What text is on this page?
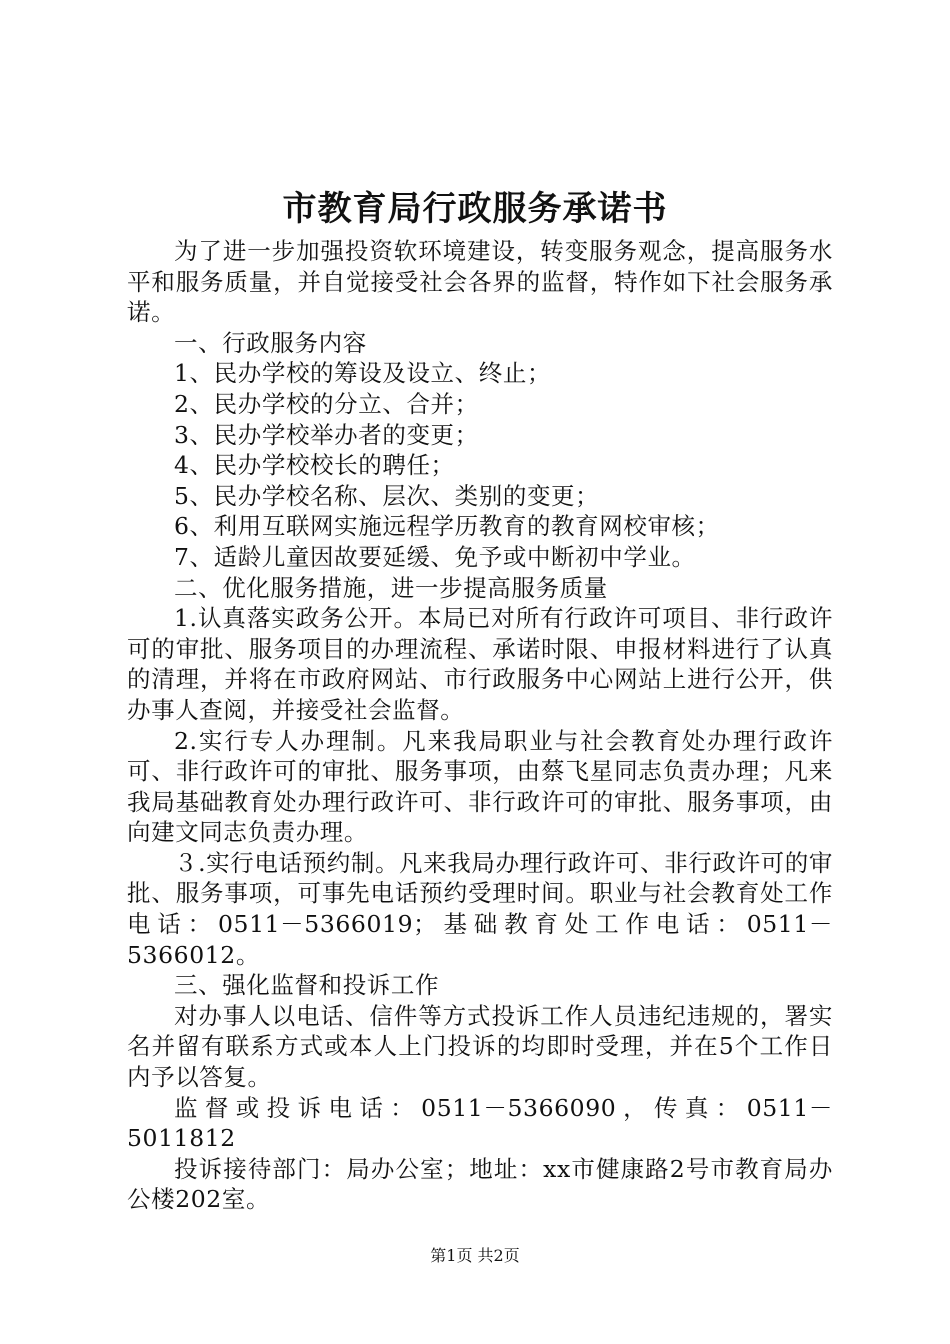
市教育局行政服务承诺书

为了进一步加强投资软环境建设，转变服务观念，提高服务水平和服务质量，并自觉接受社会各界的监督，特作如下社会服务承诺。

一、行政服务内容

1、民办学校的筹设及设立、终止；

2、民办学校的分立、合并；

3、民办学校举办者的变更；

4、民办学校校长的聘任；

5、民办学校名称、层次、类别的变更；

6、利用互联网实施远程学历教育的教育网校审核；

7、适龄儿童因故要延缓、免予或中断初中学业。

二、优化服务措施，进一步提高服务质量

1.认真落实政务公开。本局已对所有行政许可项目、非行政许可的审批、服务项目的办理流程、承诺时限、申报材料进行了认真的清理，并将在市政府网站、市行政服务中心网站上进行公开，供办事人查阅，并接受社会监督。

2.实行专人办理制。凡来我局职业与社会教育处办理行政许可、非行政许可的审批、服务事项，由蔡飞星同志负责办理；凡来我局基础教育处办理行政许可、非行政许可的审批、服务事项，由向建文同志负责办理。

３.实行电话预约制。凡来我局办理行政许可、非行政许可的审批、服务事项，可事先电话预约受理时间。职业与社会教育处工作电话：0511－5366019；基础教育处工作电话：0511－5366012。

三、强化监督和投诉工作

对办事人以电话、信件等方式投诉工作人员违纪违规的，署实名并留有联系方式或本人上门投诉的均即时受理，并在5个工作日内予以答复。

监督或投诉电话：0511－5366090，传真：0511－5011812

投诉接待部门：局办公室；地址：xx市健康路2号市教育局办公楼202室。

第1页 共2页
